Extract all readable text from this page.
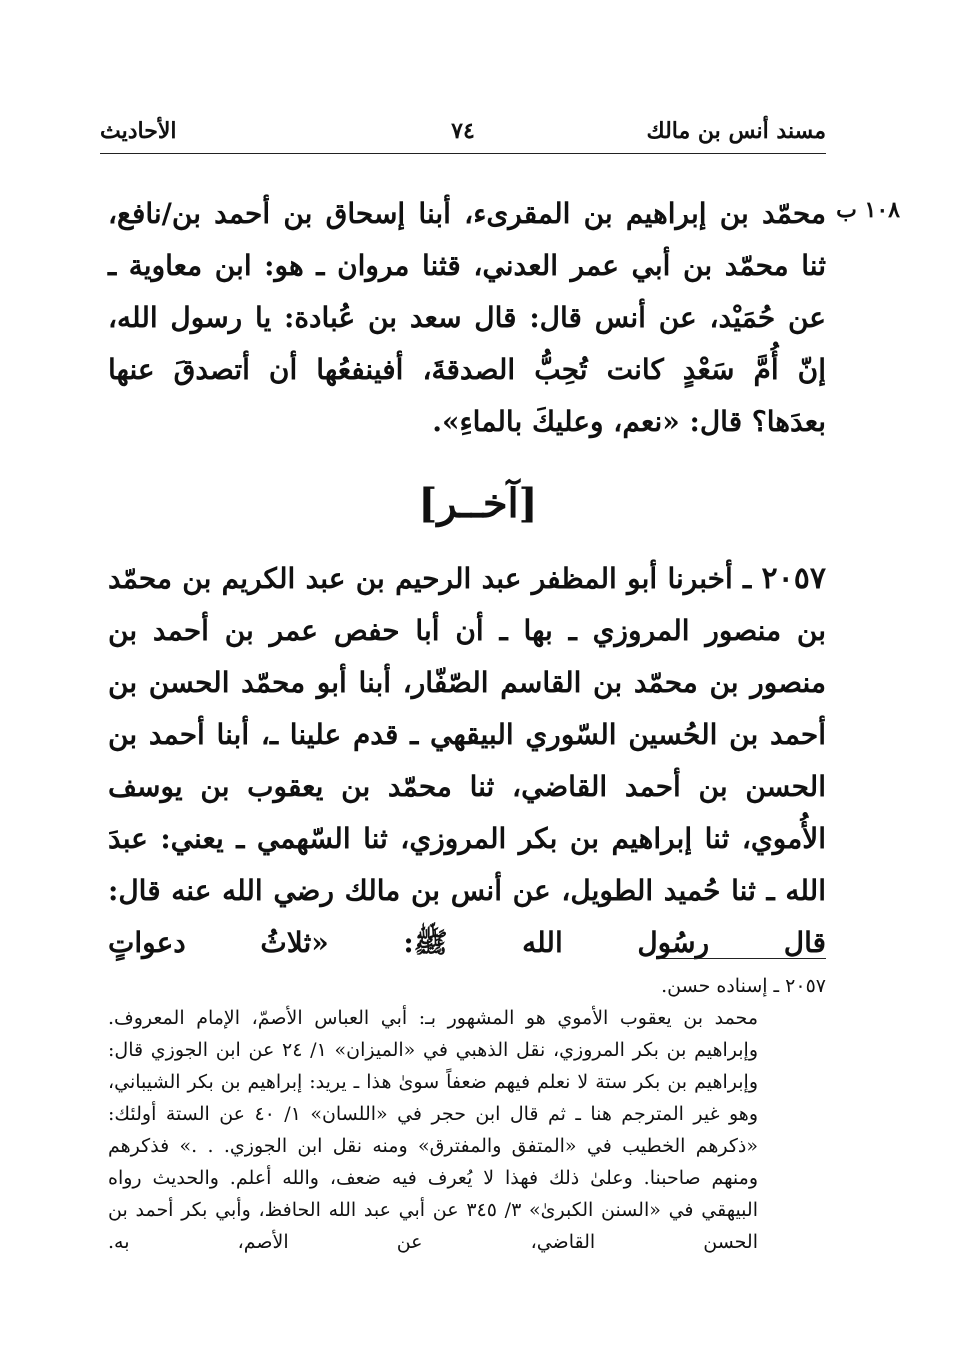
مسند أنس بن مالك
٧٤
الأحاديث
١٠٨ ب
محمّد بن إبراهيم بن المقرىء، أبنا إسحاق بن أحمد بن/نافع، ثنا محمّد بن أبي عمر العدني، قثنا مروان ـ هو: ابن معاوية ـ عن حُمَيْد، عن أنس قال: قال سعد بن عُبادة: يا رسول الله، إنّ أُمَّ سَعْدٍ كانت تُحِبُّ الصدقةَ، أفينفعُها أن أتصدقَ عنها بعدَها؟ قال: «نعم، وعليكَ بالماءِ».
[آخــر]
٢٠٥٧ ـ أخبرنا أبو المظفر عبد الرحيم بن عبد الكريم بن محمّد بن منصور المروزي ـ بها ـ أن أبا حفص عمر بن أحمد بن منصور بن محمّد بن القاسم الصّفّار، أبنا أبو محمّد الحسن بن أحمد بن الحُسين السّوري البيقهي ـ قدم علينا ـ، أبنا أحمد بن الحسن بن أحمد القاضي، ثنا محمّد بن يعقوب بن يوسف الأُموي، ثنا إبراهيم بن بكر المروزي، ثنا السّهمي ـ يعني: عبدَ الله ـ ثنا حُميد الطويل، عن أنس بن مالك رضي الله عنه قال: قال رسُول الله ﷺ: «ثلاثُ دعواتٍ
٢٠٥٧ ـ إسناده حسن.
محمد بن يعقوب الأموي هو المشهور بـ: أبي العباس الأصمّ، الإمام المعروف. وإبراهيم بن بكر المروزي، نقل الذهبي في «الميزان» ١/ ٢٤ عن ابن الجوزي قال: وإبراهيم بن بكر ستة لا نعلم فيهم ضعفاً سوىٰ هذا ـ يريد: إبراهيم بن بكر الشيباني، وهو غير المترجم هنا ـ ثم قال ابن حجر في «اللسان» ١/ ٤٠ عن الستة أولئك: «ذكرهم الخطيب في «المتفق والمفترق» ومنه نقل ابن الجوزي. . .» فذكرهم ومنهم صاحبنا. وعلىٰ ذلك فهذا لا يُعرف فيه ضعف، والله أعلم. والحديث رواه البيهقي في «السنن الكبرىٰ» ٣/ ٣٤٥ عن أبي عبد الله الحافظ، وأبي بكر أحمد بن الحسن القاضي، عن الأصم، به.
